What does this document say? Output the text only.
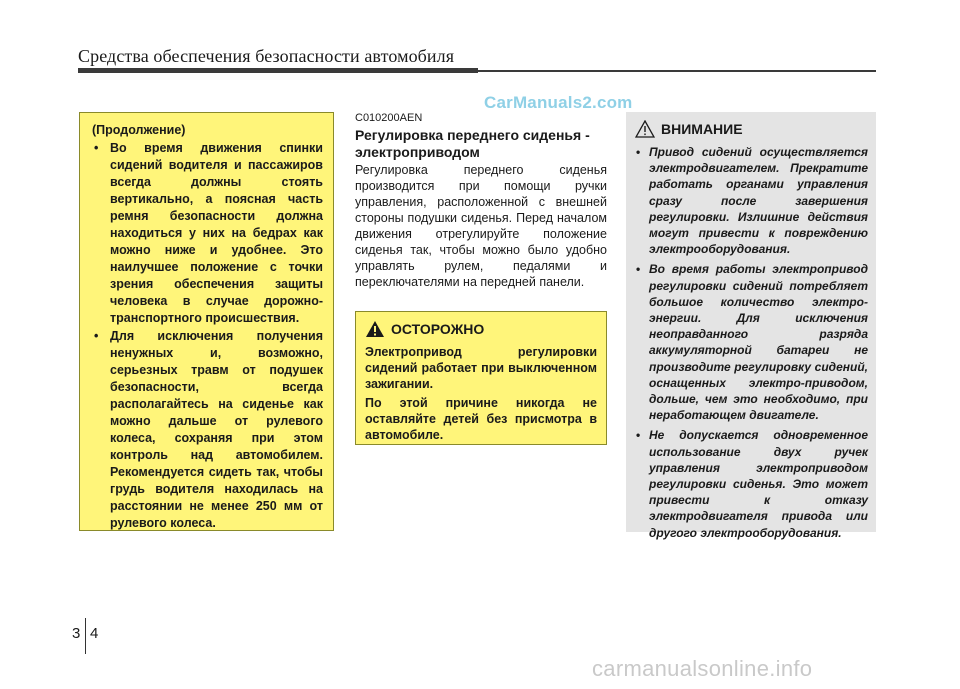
Средства обеспечения безопасности автомобиля
CarManuals2.com
(Продолжение)
• Во время движения спинки сидений водителя и пассажиров всегда должны стоять вертикально, а поясная часть ремня безопасности должна находиться у них на бедрах как можно ниже и удобнее. Это наилучшее положение с точки зрения обеспечения защиты человека в случае дорожно-транспортного происшествия.
• Для исключения получения ненужных и, возможно, серьезных травм от подушек безопасности, всегда располагайтесь на сиденье как можно дальше от рулевого колеса, сохраняя при этом контроль над автомобилем. Рекомендуется сидеть так, чтобы грудь водителя находилась на расстоянии не менее 250 мм от рулевого колеса.
C010200AEN
Регулировка переднего сиденья - электроприводом
Регулировка переднего сиденья производится при помощи ручки управления, расположенной с внешней стороны подушки сиденья. Перед началом движения отрегулируйте положение сиденья так, чтобы можно было удобно управлять рулем, педалями и переключателями на передней панели.
ОСТОРОЖНО

Электропривод регулировки сидений работает при выключенном зажигании.

По этой причине никогда не оставляйте детей без присмотра в автомобиле.

ВНИМАНИЕ
• Привод сидений осуществляется электродвигателем. Прекратите работать органами управления сразу после завершения регулировки. Излишние действия могут привести к повреждению электрооборудования.
• Во время работы электропривод регулировки сидений потребляет большое количество электро-энергии. Для исключения неоправданного разряда аккумуляторной батареи не производите регулировку сидений, оснащенных электро-приводом, дольше, чем это необходимо, при неработающем двигателе.
• Не допускается одновременное использование двух ручек управления электроприводом регулировки сиденья. Это может привести к отказу электродвигателя привода или другого электрооборудования.
3 4
carmanualsonline.info
